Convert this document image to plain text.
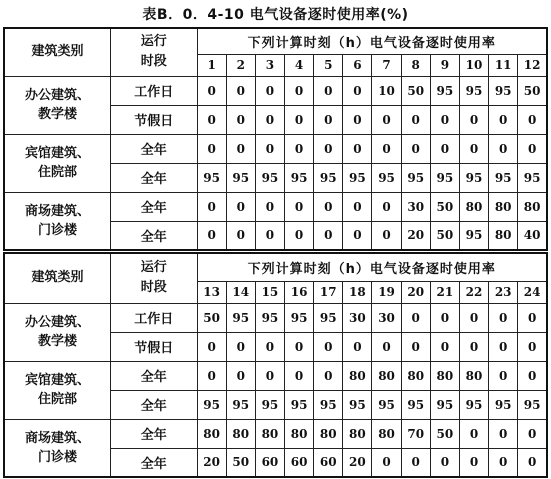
表B．0．4-10 电气设备逐时使用率(%)
建筑类别	运行
时段	下列计算时刻（h）电气设备逐时使用率											
		1	2	3	4	5	6	7	8	9	10	11	12

办公建筑、
教学楼	工作日	0	0	0	0	0	0	10	50	95	95	95	50
	节假日	0	0	0	0	0	0	0	0	0	0	0	0

宾馆建筑、
住院部	全年	0	0	0	0	0	0	0	0	0	0	0	0
	全年	95	95	95	95	95	95	95	95	95	95	95	95

商场建筑、
门诊楼	全年	0	0	0	0	0	0	0	30	50	80	80	80
	全年	0	0	0	0	0	0	0	20	50	95	80	40
建筑类别	运行
时段	下列计算时刻（h）电气设备逐时使用率											
		13	14	15	16	17	18	19	20	21	22	23	24

办公建筑、
教学楼	工作日	50	95	95	95	95	30	30	0	0	0	0	0
	节假日	0	0	0	0	0	0	0	0	0	0	0	0

宾馆建筑、
住院部	全年	0	0	0	0	0	80	80	80	80	80	0	0
	全年	95	95	95	95	95	95	95	95	95	95	95	95

商场建筑、
门诊楼	全年	80	80	80	80	80	80	80	70	50	0	0	0
	全年	20	50	60	60	60	20	0	0	0	0	0	0
